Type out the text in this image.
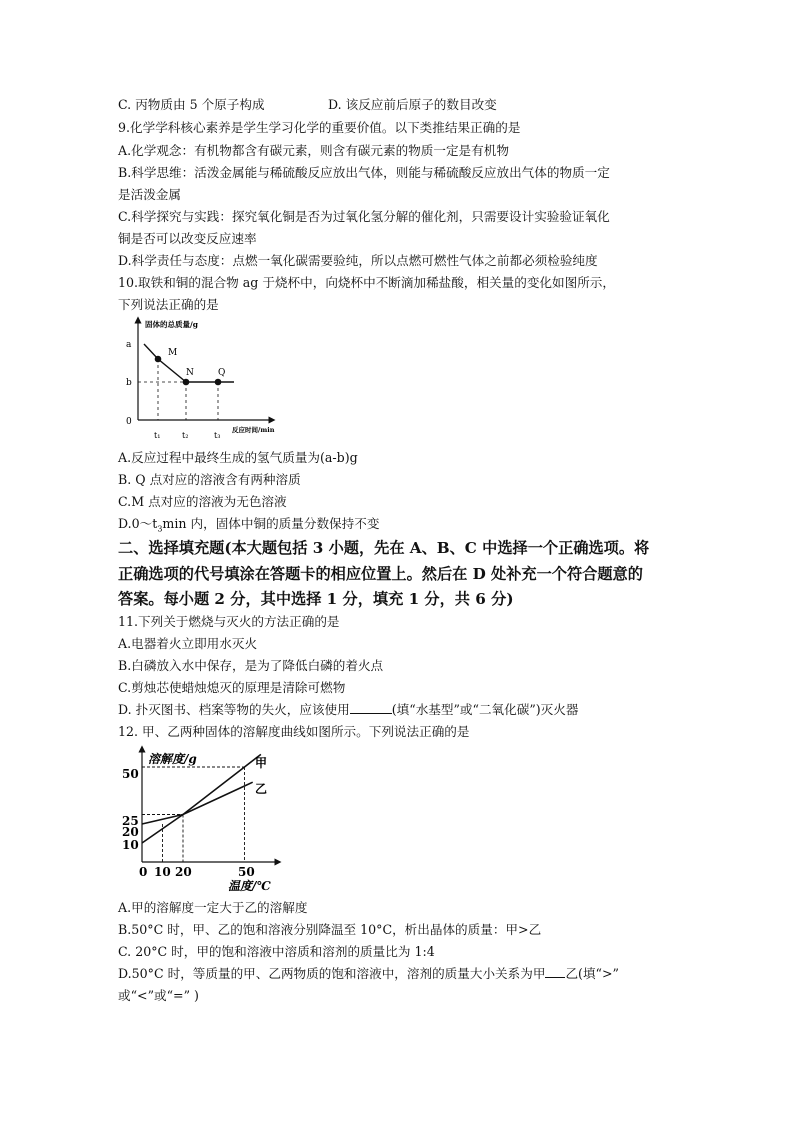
C. 丙物质由 5 个原子构成	D. 该反应前后原子的数目改变
9.化学学科核心素养是学生学习化学的重要价值。以下类推结果正确的是
A.化学观念：有机物都含有碳元素，则含有碳元素的物质一定是有机物
B.科学思维：活泼金属能与稀硫酸反应放出气体，则能与稀硫酸反应放出气体的物质一定
是活泼金属
C.科学探究与实践：探究氧化铜是否为过氧化氢分解的催化剂，只需要设计实验验证氧化
铜是否可以改变反应速率
D.科学责任与态度：点燃一氧化碳需要验纯，所以点燃可燃性气体之前都必须检验纯度
10.取铁和铜的混合物 ag 于烧杯中，向烧杯中不断滴加稀盐酸，相关量的变化如图所示，
下列说法正确的是
固体的总质量/g
反应时间/min
a
b
0
M
N	Q
t₁	t₂	t₃
A.反应过程中最终生成的氢气质量为(a-b)g
B. Q 点对应的溶液含有两种溶质
C.M 点对应的溶液为无色溶液
$D.0\sim t_3\min$ 内，固体中铜的质量分数保持不变
二、选择填充题(本大题包括 3 小题，先在 A、B、C 中选择一个正确选项。将
正确选项的代号填涂在答题卡的相应位置上。然后在 D 处补充一个符合题意的
答案。每小题 2 分，其中选择 1 分，填充 1 分，共 6 分)
11.下列关于燃烧与灭火的方法正确的是
A.电器着火立即用水灭火
B.白磷放入水中保存，是为了降低白磷的着火点
C.剪烛芯使蜡烛熄灭的原理是清除可燃物
D. 扑灭图书、档案等物的失火，应该使用	(填“水基型”或“二氧化碳”)灭火器
12. 甲、乙两种固体的溶解度曲线如图所示。下列说法正确的是
溶解度/g
温度/℃
50
25
20
10
0 10 20	50
甲
乙
A.甲的溶解度一定大于乙的溶解度
B.50°C 时，甲、乙的饱和溶液分别降温至 10°C，析出晶体的质量：甲>乙
C. 20°C 时，甲的饱和溶液中溶质和溶剂的质量比为 1:4
D.50°C 时，等质量的甲、乙两物质的饱和溶液中，溶剂的质量大小关系为甲 乙(填“>”
或“<”或“=” )
